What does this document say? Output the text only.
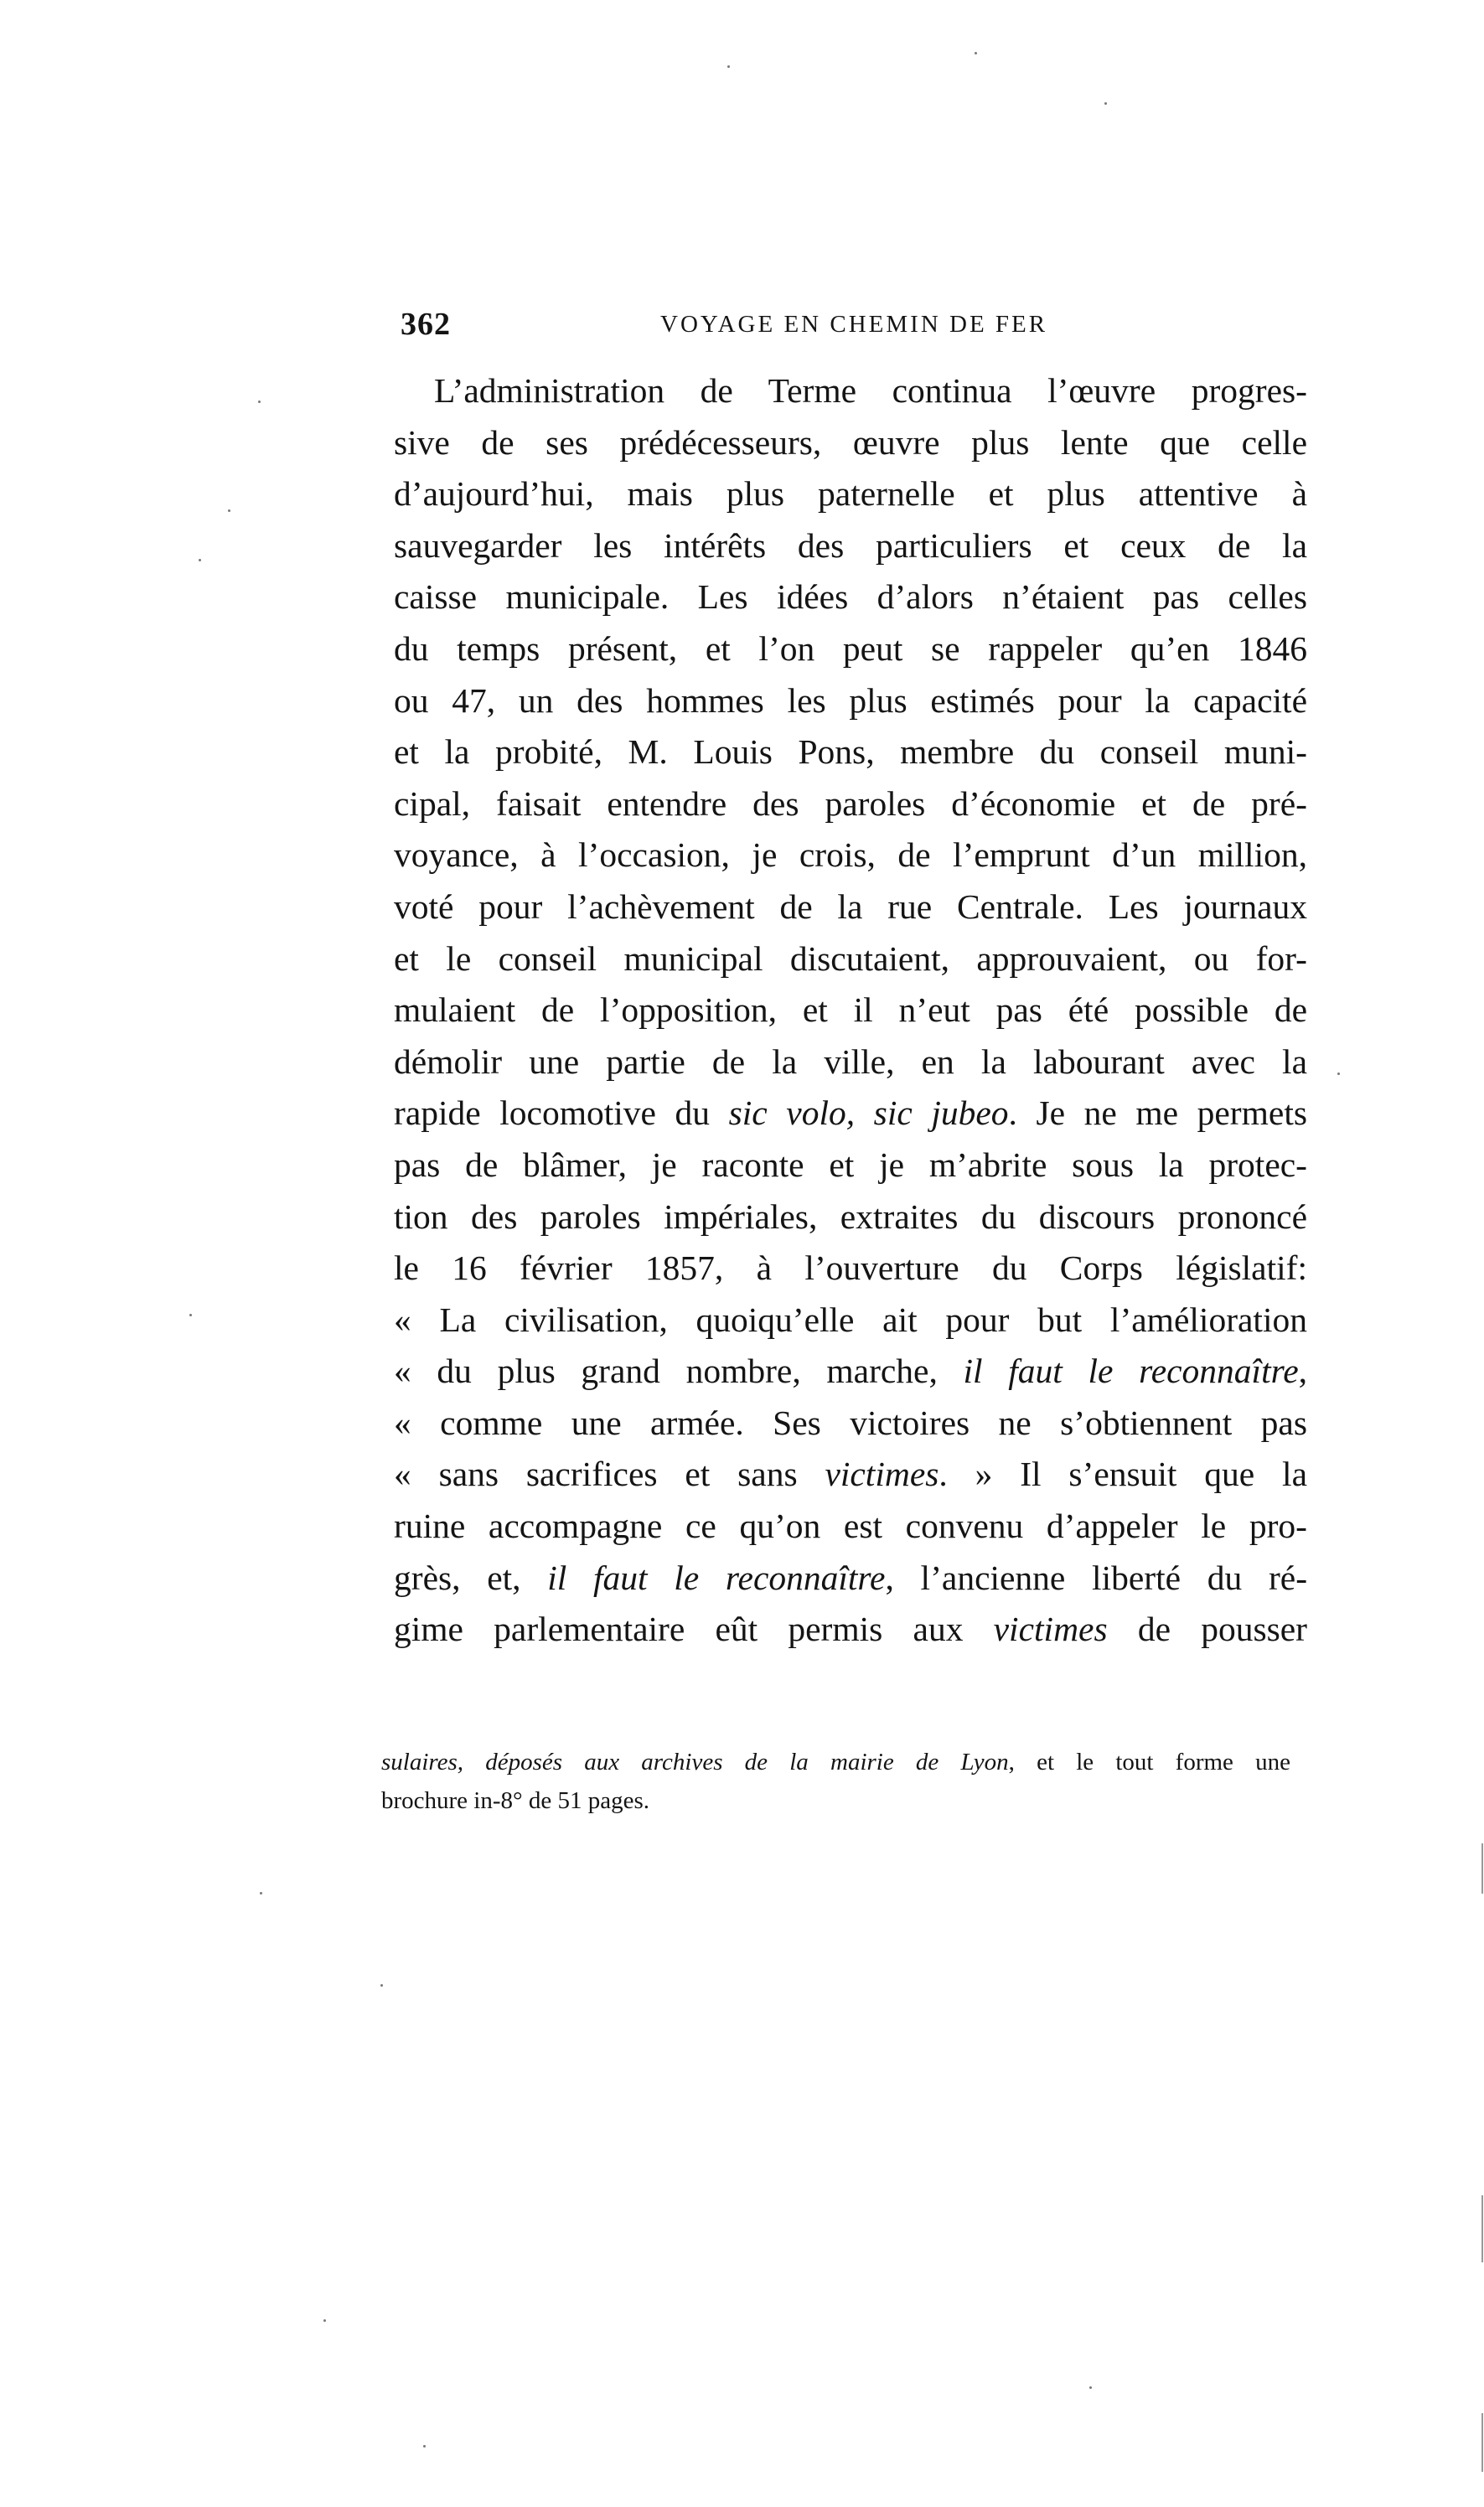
362	VOYAGE EN CHEMIN DE FER
L’administration de Terme continua l’œuvre progres-
sive de ses prédécesseurs, œuvre plus lente que celle
d’aujourd’hui, mais plus paternelle et plus attentive à
sauvegarder les intérêts des particuliers et ceux de la
caisse municipale. Les idées d’alors n’étaient pas celles
du temps présent, et l’on peut se rappeler qu’en 1846
ou 47, un des hommes les plus estimés pour la capacité
et la probité, M. Louis Pons, membre du conseil muni-
cipal, faisait entendre des paroles d’économie et de pré-
voyance, à l’occasion, je crois, de l’emprunt d’un million,
voté pour l’achèvement de la rue Centrale. Les journaux
et le conseil municipal discutaient, approuvaient, ou for-
mulaient de l’opposition, et il n’eut pas été possible de
démolir une partie de la ville, en la labourant avec la
rapide locomotive du sic volo, sic jubeo. Je ne me permets
pas de blâmer, je raconte et je m’abrite sous la protec-
tion des paroles impériales, extraites du discours prononcé
le 16 février 1857, à l’ouverture du Corps législatif:
« La civilisation, quoiqu’elle ait pour but l’amélioration
« du plus grand nombre, marche, il faut le reconnaître,
« comme une armée. Ses victoires ne s’obtiennent pas
« sans sacrifices et sans victimes. » Il s’ensuit que la
ruine accompagne ce qu’on est convenu d’appeler le pro-
grès, et, il faut le reconnaître, l’ancienne liberté du ré-
gime parlementaire eût permis aux victimes de pousser
sulaires, déposés aux archives de la mairie de Lyon, et le tout forme une
brochure in-8° de 51 pages.
